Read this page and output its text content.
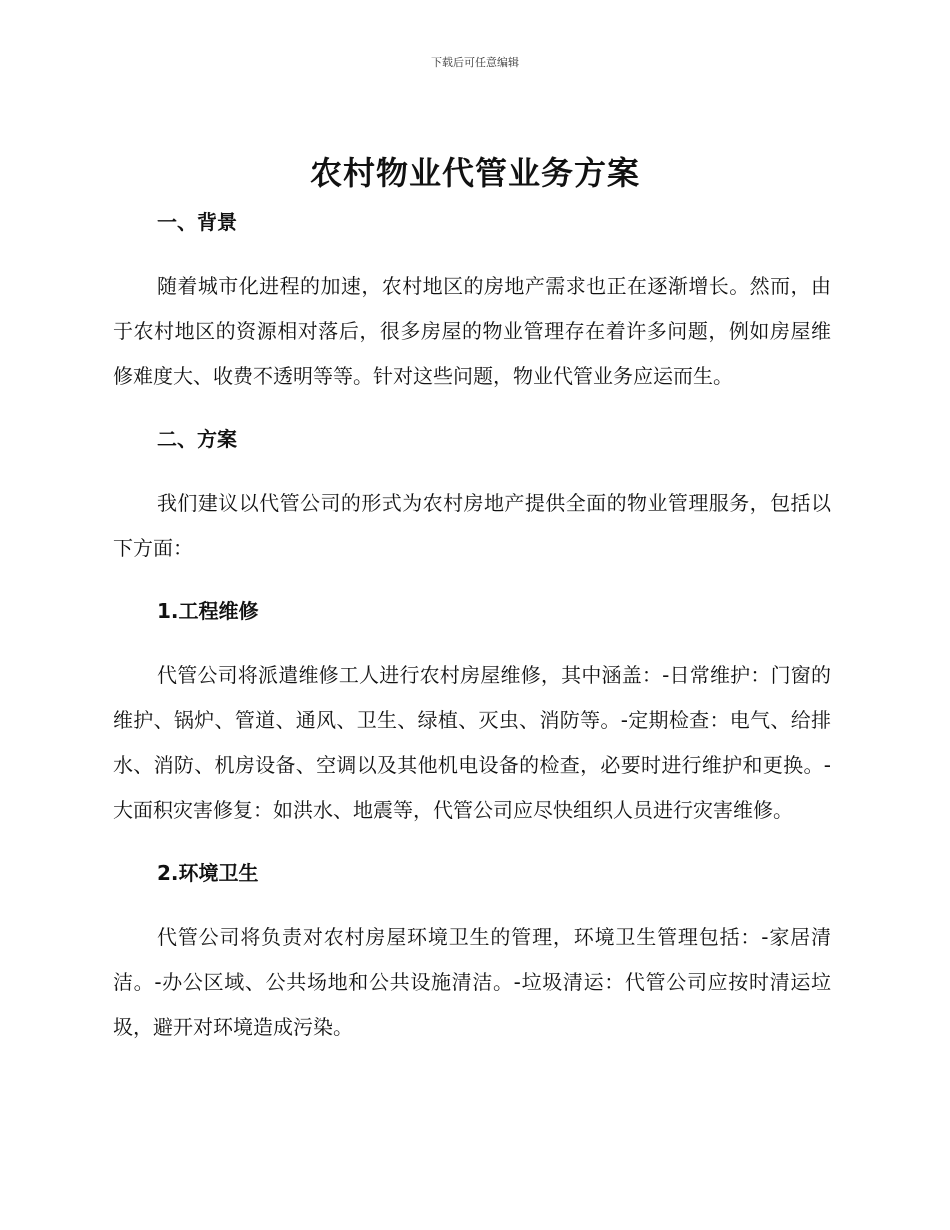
下载后可任意编辑
农村物业代管业务方案
一、背景

随着城市化进程的加速，农村地区的房地产需求也正在逐渐增长。然而，由于农村地区的资源相对落后，很多房屋的物业管理存在着许多问题，例如房屋维修难度大、收费不透明等等。针对这些问题，物业代管业务应运而生。

二、方案

我们建议以代管公司的形式为农村房地产提供全面的物业管理服务，包括以下方面：

1.工程维修

代管公司将派遣维修工人进行农村房屋维修，其中涵盖：-日常维护：门窗的维护、锅炉、管道、通风、卫生、绿植、灭虫、消防等。-定期检查：电气、给排水、消防、机房设备、空调以及其他机电设备的检查，必要时进行维护和更换。-大面积灾害修复：如洪水、地震等，代管公司应尽快组织人员进行灾害维修。

2.环境卫生

代管公司将负责对农村房屋环境卫生的管理，环境卫生管理包括：-家居清洁。-办公区域、公共场地和公共设施清洁。-垃圾清运：代管公司应按时清运垃圾，避开对环境造成污染。
